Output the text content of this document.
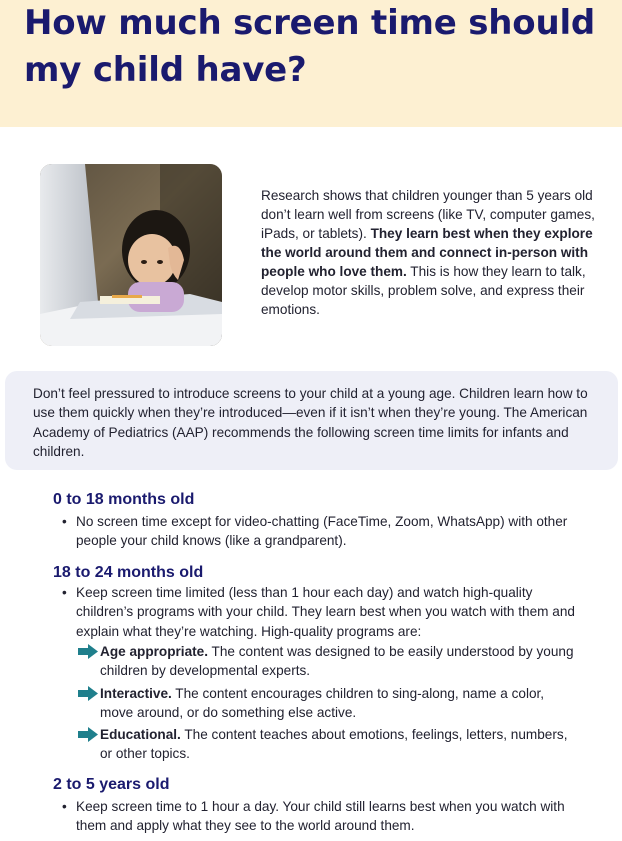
How much screen time should my child have?

Research shows that children younger than 5 years old don’t learn well from screens (like TV, computer games, iPads, or tablets). They learn best when they explore the world around them and connect in-person with people who love them. This is how they learn to talk, develop motor skills, problem solve, and express their emotions.

Don’t feel pressured to introduce screens to your child at a young age. Children learn how to use them quickly when they’re introduced—even if it isn’t when they’re young. The American Academy of Pediatrics (AAP) recommends the following screen time limits for infants and children.

0 to 18 months old

• No screen time except for video-chatting (FaceTime, Zoom, WhatsApp) with other people your child knows (like a grandparent).

18 to 24 months old

• Keep screen time limited (less than 1 hour each day) and watch high-quality children’s programs with your child. They learn best when you watch with them and explain what they’re watching. High-quality programs are:

Age appropriate. The content was designed to be easily understood by young children by developmental experts.

Interactive. The content encourages children to sing-along, name a color, move around, or do something else active.

Educational. The content teaches about emotions, feelings, letters, numbers, or other topics.

2 to 5 years old

• Keep screen time to 1 hour a day. Your child still learns best when you watch with them and apply what they see to the world around them.
